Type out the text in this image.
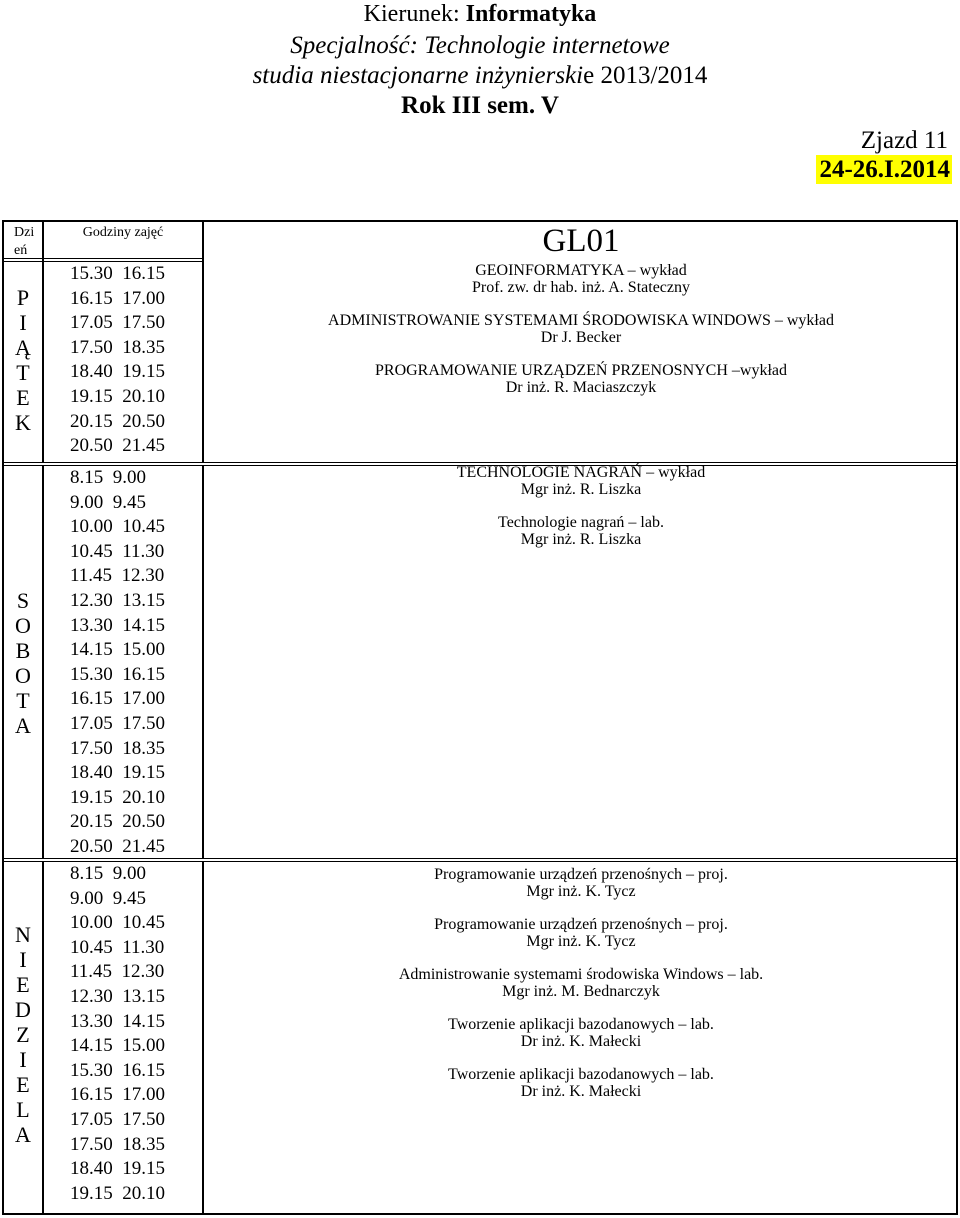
Kierunek: Informatyka
Specjalność: Technologie internetowe
studia niestacjonarne inżynierskie 2013/2014
Rok III sem. V
Zjazd 11
24-26.I.2014
Dzień
Godziny zajęć	GL01
P
I
Ą
T
E
K
15.30  16.15
16.15  17.00
17.05  17.50
17.50  18.35
18.40  19.15
19.15  20.10
20.15  20.50
20.50  21.45
S
O
B
O
T
A
8.15  9.00
9.00  9.45
10.00  10.45
10.45  11.30
11.45  12.30
12.30  13.15
13.30  14.15
14.15  15.00
15.30  16.15
16.15  17.00
17.05  17.50
17.50  18.35
18.40  19.15
19.15  20.10
20.15  20.50
20.50  21.45
N
I
E
D
Z
I
E
L
A
8.15  9.00
9.00  9.45
10.00  10.45
10.45  11.30
11.45  12.30
12.30  13.15
13.30  14.15
14.15  15.00
15.30  16.15
16.15  17.00
17.05  17.50
17.50  18.35
18.40  19.15
19.15  20.10
GEOINFORMATYKA – wykład
Prof. zw. dr hab. inż. A. Stateczny
ADMINISTROWANIE SYSTEMAMI ŚRODOWISKA WINDOWS – wykład
Dr J. Becker
PROGRAMOWANIE URZĄDZEŃ PRZENOSNYCH –wykład
Dr inż. R. Maciaszczyk
TECHNOLOGIE NAGRAŃ – wykład
Mgr inż. R. Liszka
Technologie nagrań – lab.
Mgr inż. R. Liszka
Programowanie urządzeń przenośnych – proj.
Mgr inż. K. Tycz
Programowanie urządzeń przenośnych – proj.
Mgr inż. K. Tycz
Administrowanie systemami środowiska Windows – lab.
Mgr inż. M. Bednarczyk
Tworzenie aplikacji bazodanowych – lab.
Dr inż. K. Małecki
Tworzenie aplikacji bazodanowych – lab.
Dr inż. K. Małecki
